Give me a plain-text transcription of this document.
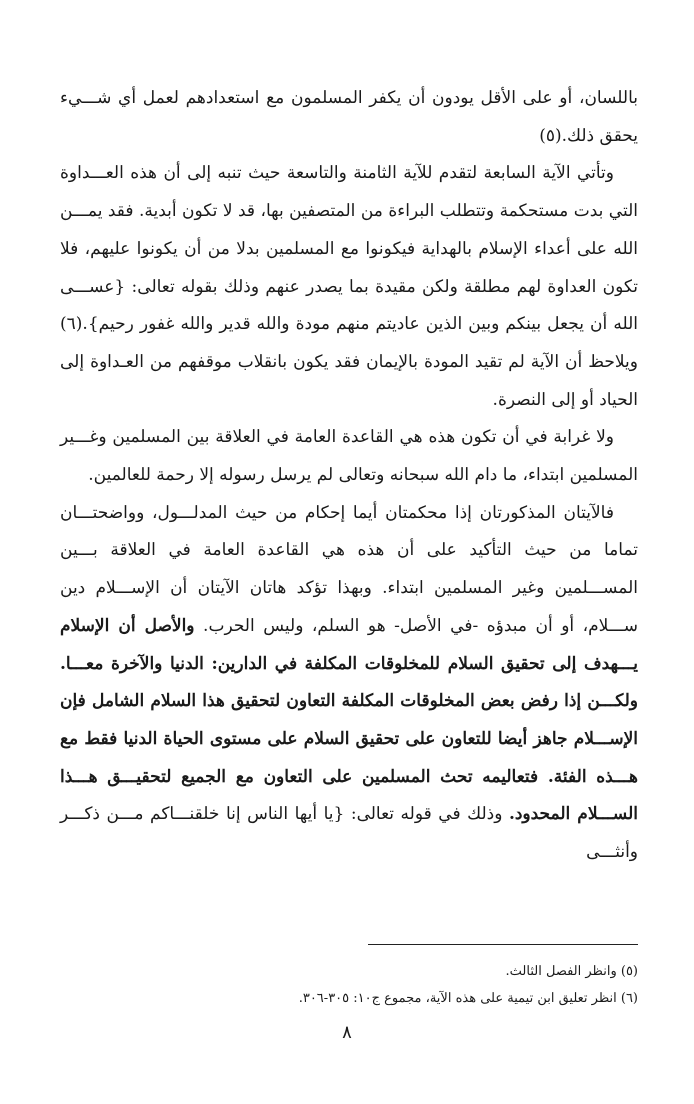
باللسان، أو على الأقل يودون أن يكفر المسلمون مع استعدادهم لعمل أي شـــيء يحقق ذلك.(٥)

وتأتي الآية السابعة لتقدم للآية الثامنة والتاسعة حيث تنبه إلى أن هذه العـــداوة التي بدت مستحكمة وتتطلب البراءة من المتصفين بها، قد لا تكون أبدية. فقد يمـــن الله على أعداء الإسلام بالهداية فيكونوا مع المسلمين بدلا من أن يكونوا عليهم، فلا تكون العداوة لهم مطلقة ولكن مقيدة بما يصدر عنهم وذلك بقوله تعالى: {عســـى الله أن يجعل بينكم وبين الذين عاديتم منهم مودة والله قدير والله غفور رحيم}.(٦) ويلاحظ أن الآية لم تقيد المودة بالإيمان فقد يكون بانقلاب موقفهم من العـداوة إلى الحياد أو إلى النصرة.

ولا غرابة في أن تكون هذه هي القاعدة العامة في العلاقة بين المسلمين وغـــير المسلمين ابتداء، ما دام الله سبحانه وتعالى لم يرسل رسوله إلا رحمة للعالمين.

فالآيتان المذكورتان إذا محكمتان أيما إحكام من حيث المدلـــول، وواضحتـــان تماما من حيث التأكيد على أن هذه هي القاعدة العامة في العلاقة بـــين المســـلمين وغير المسلمين ابتداء. وبهذا تؤكد هاتان الآيتان أن الإســـلام دين ســـلام، أو أن مبدؤه -في الأصل- هو السلم، وليس الحرب. والأصل أن الإسلام يـــهدف إلى تحقيق السلام للمخلوقات المكلفة في الدارين: الدنيا والآخرة معـــا. ولكـــن إذا رفض بعض المخلوقات المكلفة التعاون لتحقيق هذا السلام الشامل فإن الإســـلام جاهز أيضا للتعاون على تحقيق السلام على مستوى الحياة الدنيا فقط مع هـــذه الفئة. فتعاليمه تحث المسلمين على التعاون مع الجميع لتحقيـــق هـــذا الســـلام المحدود. وذلك في قوله تعالى: {يا أيها الناس إنا خلقنـــاكم مـــن ذكـــر وأنثـــى

(٥) وانظر الفصل الثالث.

(٦) انظر تعليق ابن تيمية على هذه الآية، مجموع ج١٠: ٣٠٥-٣٠٦.

٨
